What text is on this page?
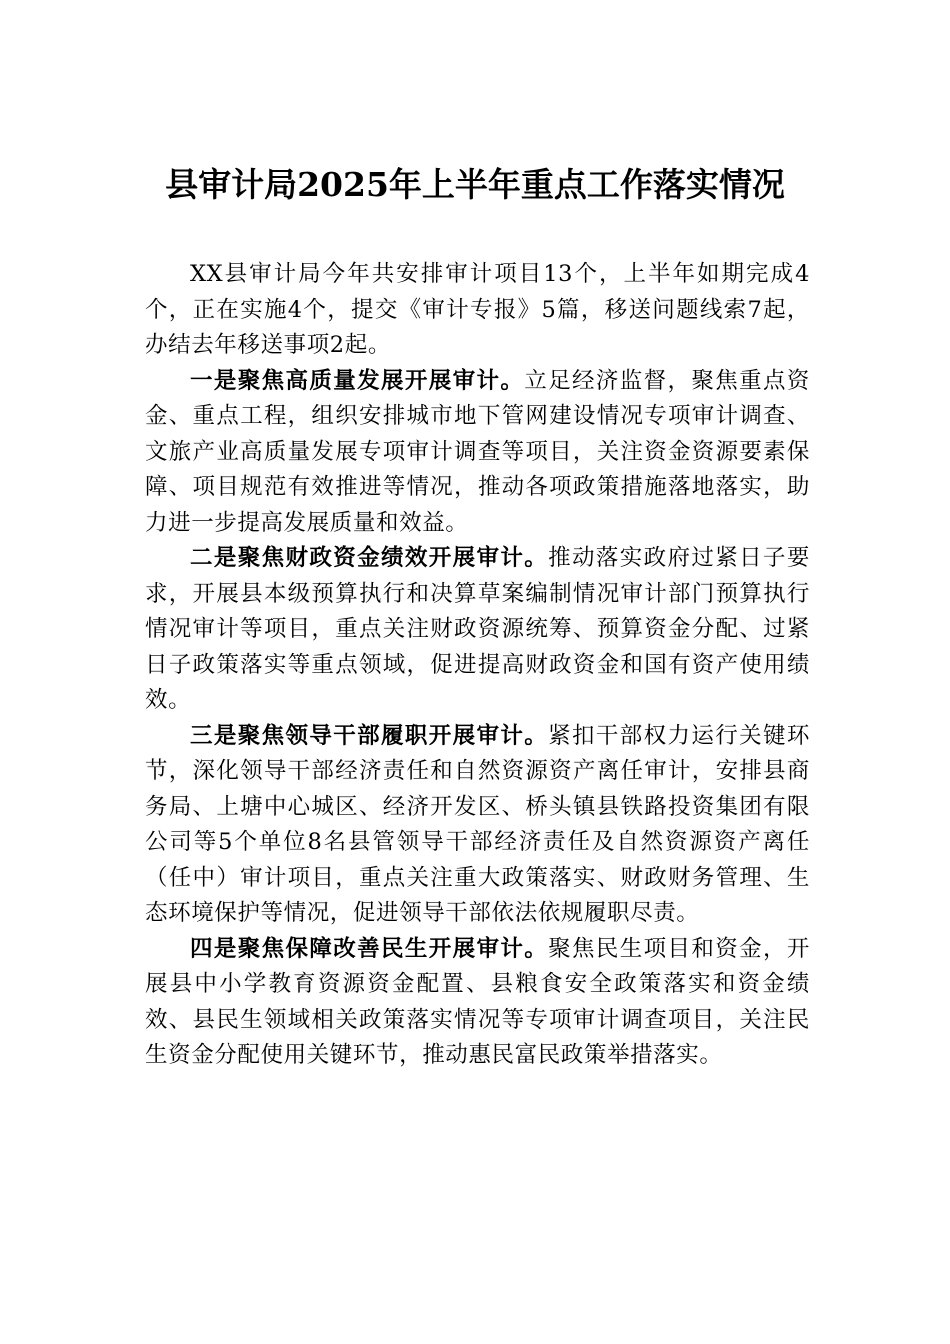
县审计局2025年上半年重点工作落实情况

XX县审计局今年共安排审计项目13个，上半年如期完成4个，正在实施4个，提交《审计专报》5篇，移送问题线索7起，办结去年移送事项2起。

一是聚焦高质量发展开展审计。立足经济监督，聚焦重点资金、重点工程，组织安排城市地下管网建设情况专项审计调查、文旅产业高质量发展专项审计调查等项目，关注资金资源要素保障、项目规范有效推进等情况，推动各项政策措施落地落实，助力进一步提高发展质量和效益。

二是聚焦财政资金绩效开展审计。推动落实政府过紧日子要求，开展县本级预算执行和决算草案编制情况审计部门预算执行情况审计等项目，重点关注财政资源统筹、预算资金分配、过紧日子政策落实等重点领域，促进提高财政资金和国有资产使用绩效。

三是聚焦领导干部履职开展审计。紧扣干部权力运行关键环节，深化领导干部经济责任和自然资源资产离任审计，安排县商务局、上塘中心城区、经济开发区、桥头镇县铁路投资集团有限公司等5个单位8名县管领导干部经济责任及自然资源资产离任（任中）审计项目，重点关注重大政策落实、财政财务管理、生态环境保护等情况，促进领导干部依法依规履职尽责。

四是聚焦保障改善民生开展审计。聚焦民生项目和资金，开展县中小学教育资源资金配置、县粮食安全政策落实和资金绩效、县民生领域相关政策落实情况等专项审计调查项目，关注民生资金分配使用关键环节，推动惠民富民政策举措落实。
